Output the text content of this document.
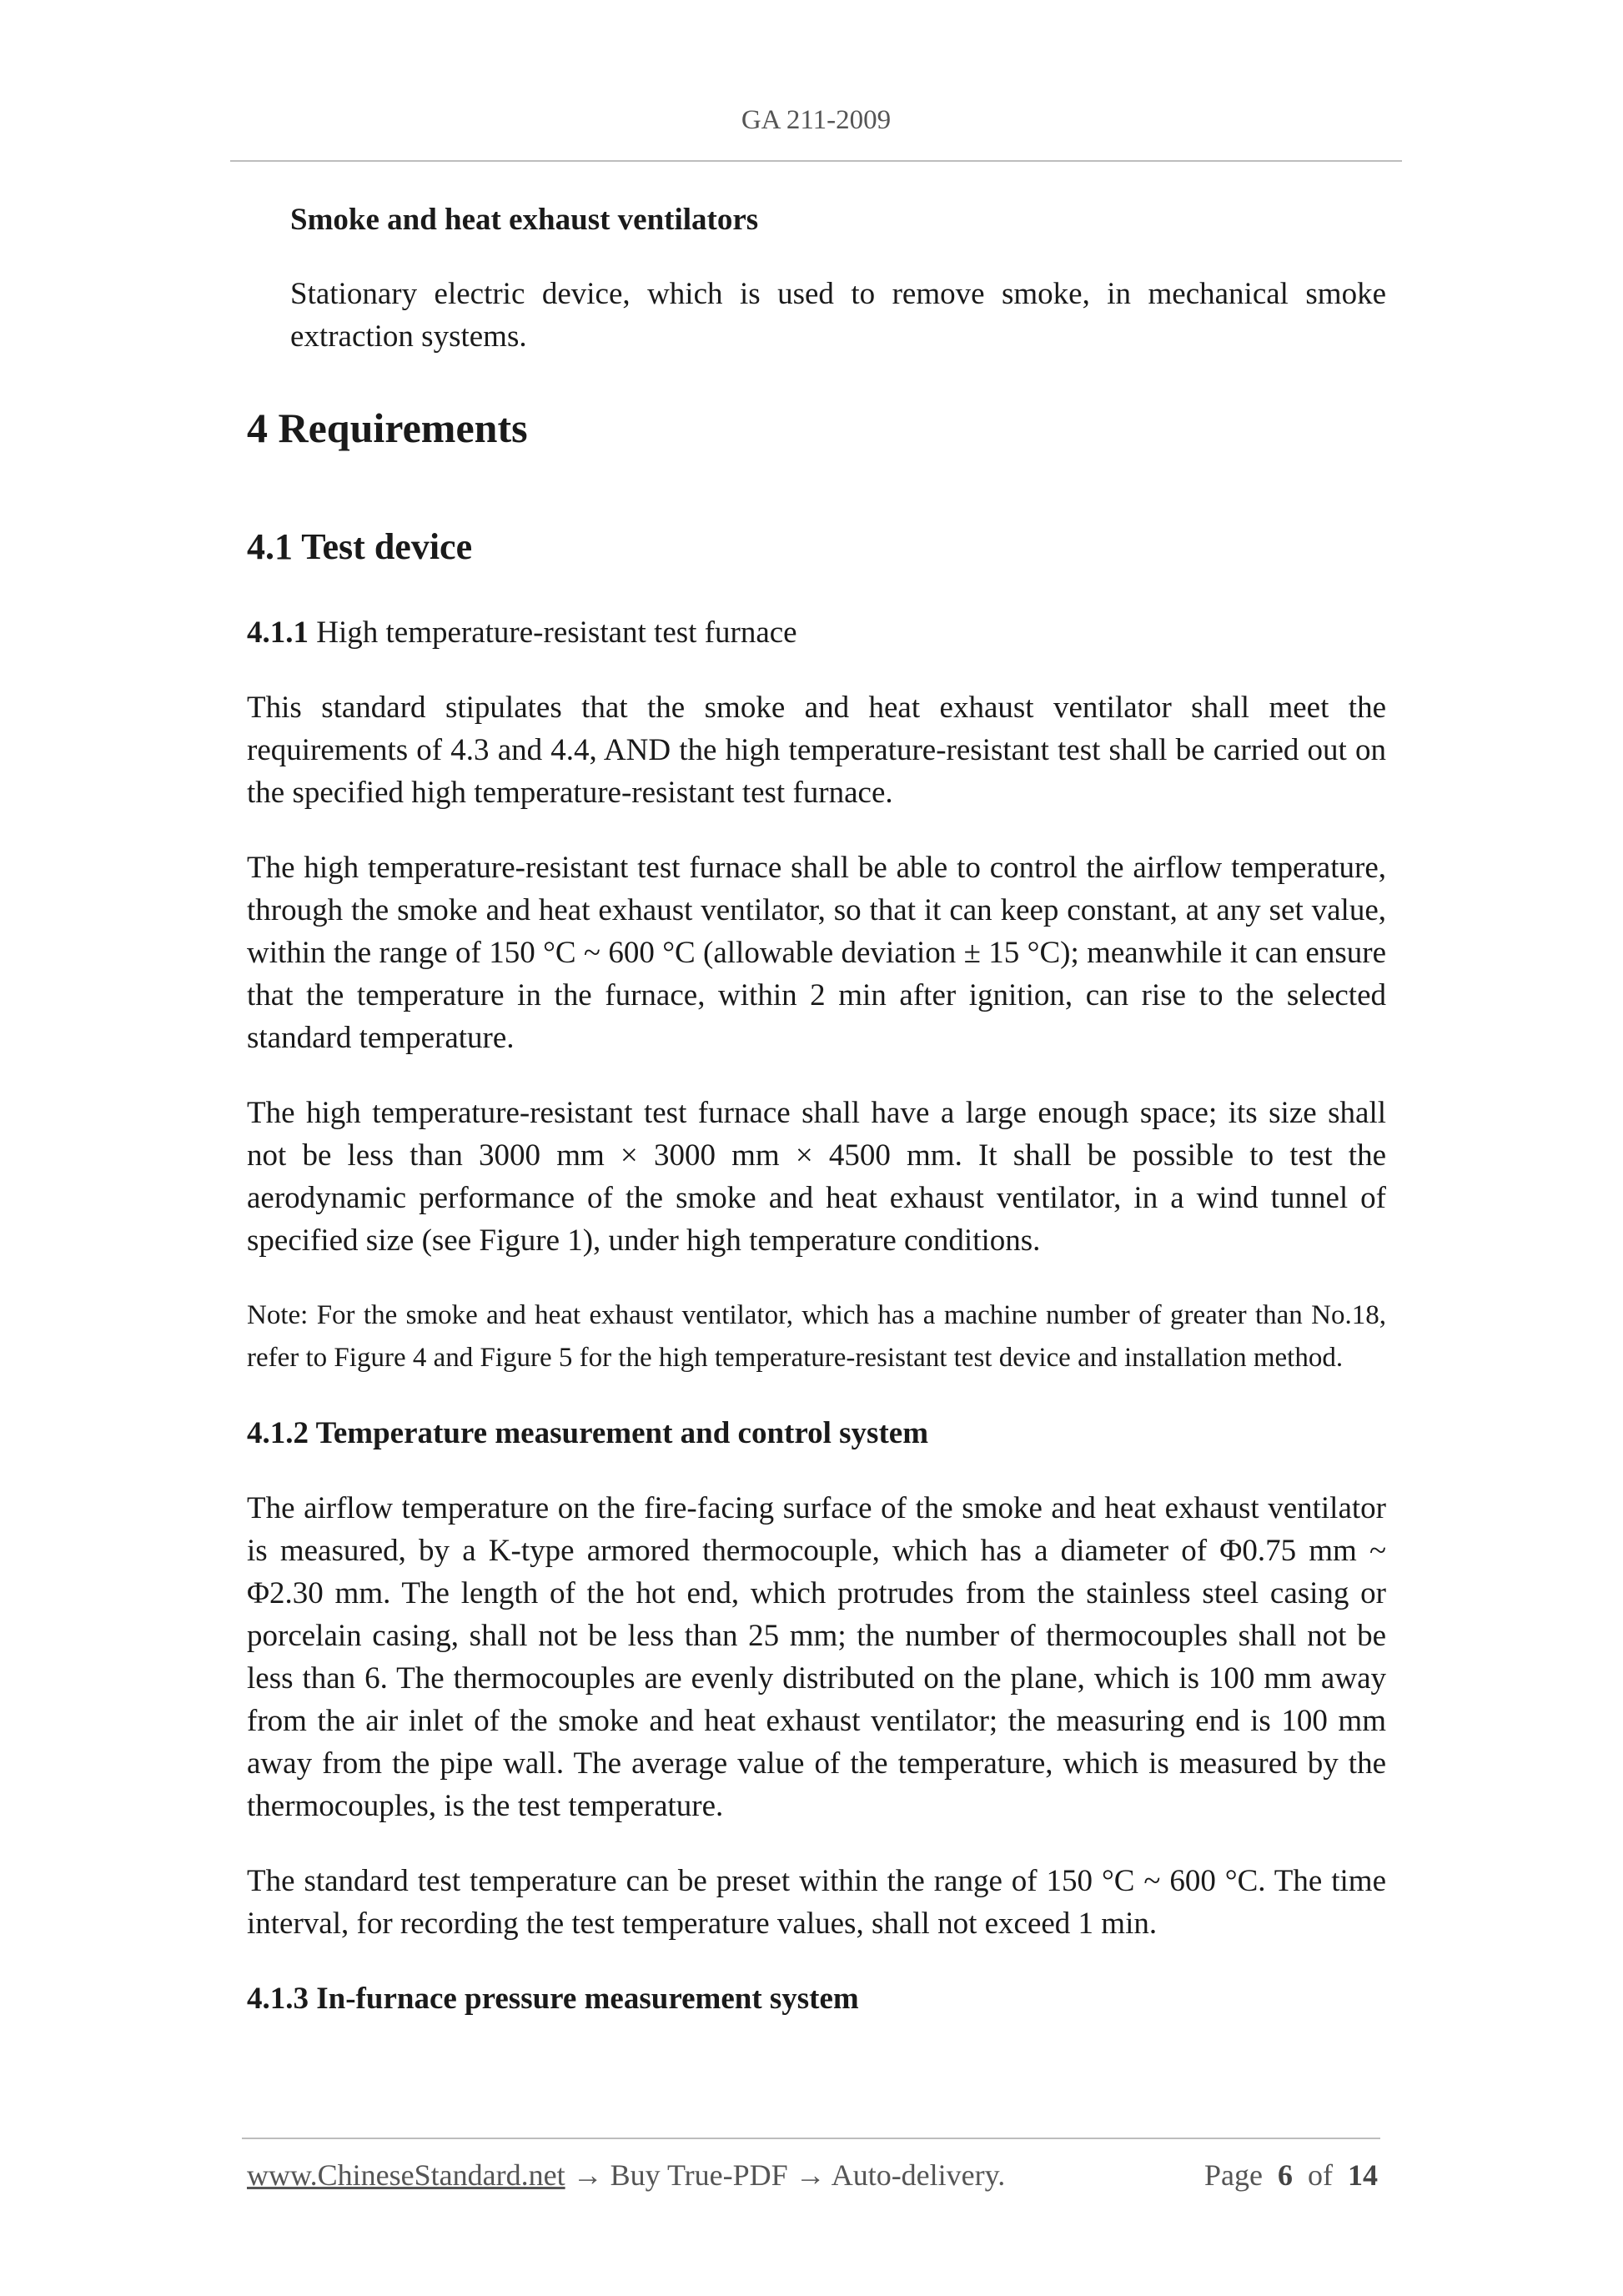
GA 211-2009

Smoke and heat exhaust ventilators

Stationary electric device, which is used to remove smoke, in mechanical smoke extraction systems.

4 Requirements
4.1 Test device

4.1.1 High temperature-resistant test furnace

This standard stipulates that the smoke and heat exhaust ventilator shall meet the requirements of 4.3 and 4.4, AND the high temperature-resistant test shall be carried out on the specified high temperature-resistant test furnace.

The high temperature-resistant test furnace shall be able to control the airflow temperature, through the smoke and heat exhaust ventilator, so that it can keep constant, at any set value, within the range of 150 °C ~ 600 °C (allowable deviation ± 15 °C); meanwhile it can ensure that the temperature in the furnace, within 2 min after ignition, can rise to the selected standard temperature.

The high temperature-resistant test furnace shall have a large enough space; its size shall not be less than 3000 mm × 3000 mm × 4500 mm. It shall be possible to test the aerodynamic performance of the smoke and heat exhaust ventilator, in a wind tunnel of specified size (see Figure 1), under high temperature conditions.

Note: For the smoke and heat exhaust ventilator, which has a machine number of greater than No.18, refer to Figure 4 and Figure 5 for the high temperature-resistant test device and installation method.

4.1.2 Temperature measurement and control system

The airflow temperature on the fire-facing surface of the smoke and heat exhaust ventilator is measured, by a K-type armored thermocouple, which has a diameter of Φ0.75 mm ~ Φ2.30 mm. The length of the hot end, which protrudes from the stainless steel casing or porcelain casing, shall not be less than 25 mm; the number of thermocouples shall not be less than 6. The thermocouples are evenly distributed on the plane, which is 100 mm away from the air inlet of the smoke and heat exhaust ventilator; the measuring end is 100 mm away from the pipe wall. The average value of the temperature, which is measured by the thermocouples, is the test temperature.

The standard test temperature can be preset within the range of 150 °C ~ 600 °C. The time interval, for recording the test temperature values, shall not exceed 1 min.

4.1.3 In-furnace pressure measurement system

www.ChineseStandard.net → Buy True-PDF → Auto-delivery.	Page 6 of 14
